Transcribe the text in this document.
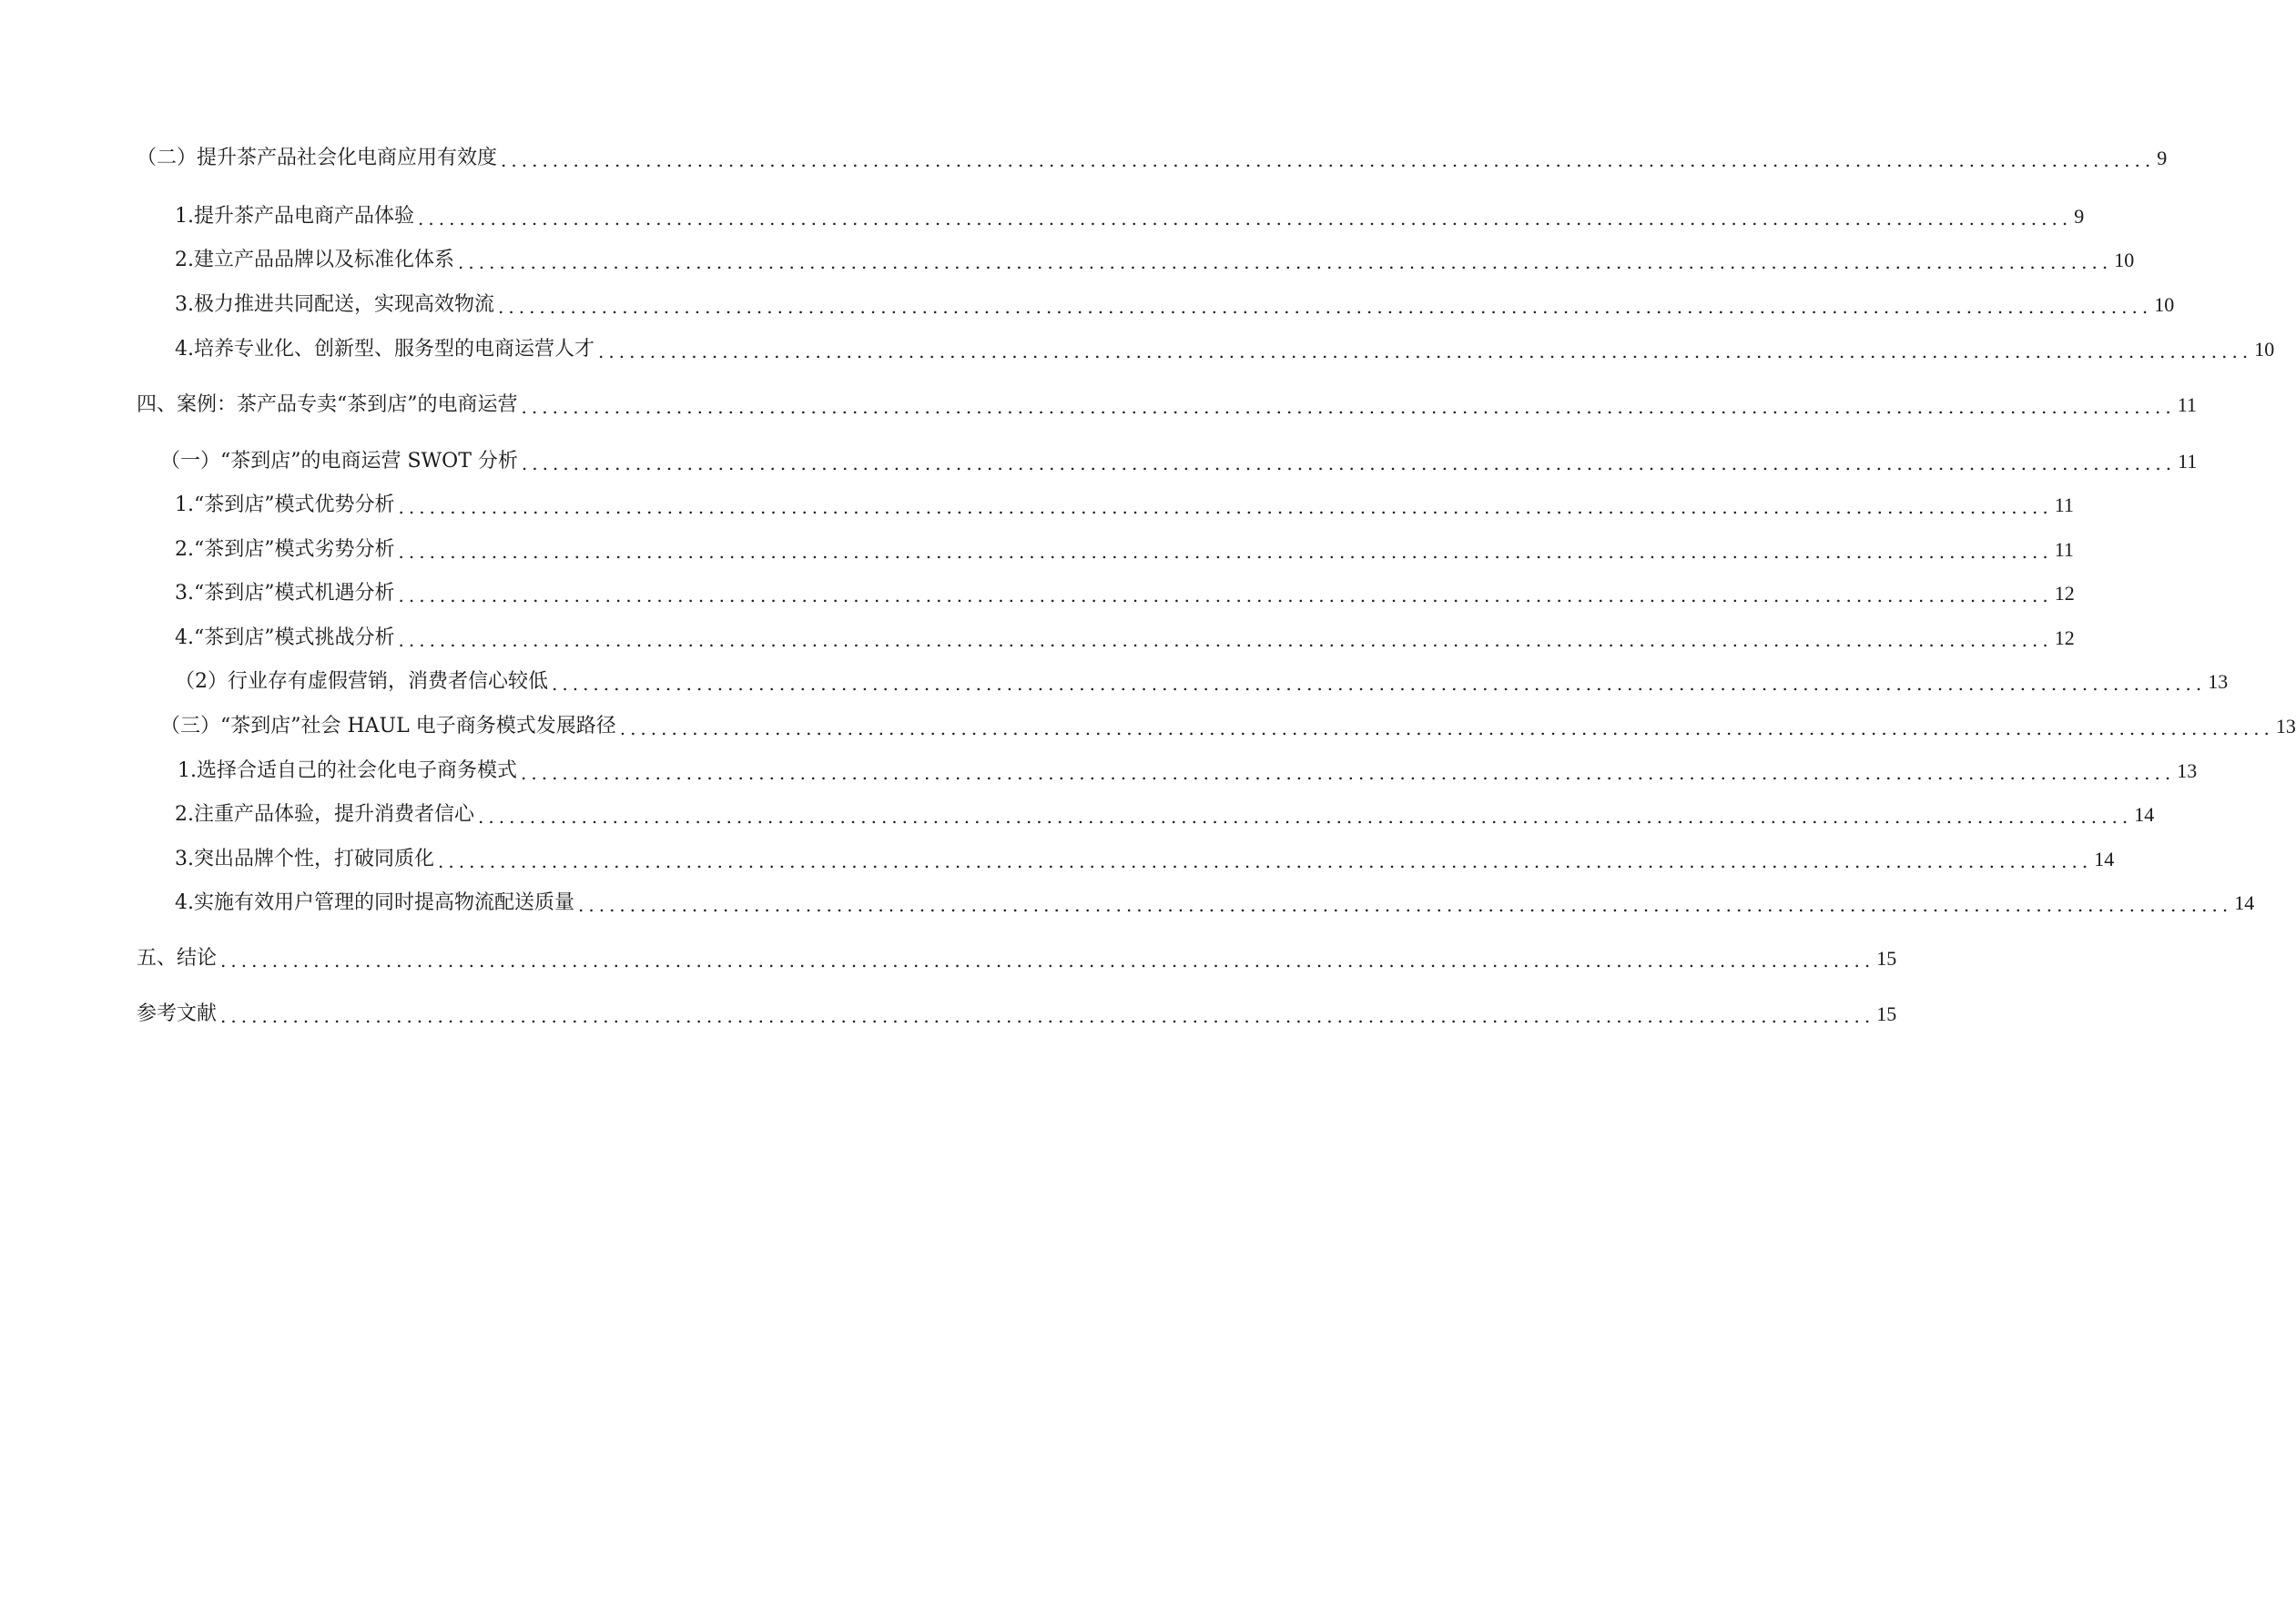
（二）提升茶产品社会化电商应用有效度 ................................................................................................................................................................ 9
1.提升茶产品电商产品体验 ................................................................................................................................................................ 9
2.建立产品品牌以及标准化体系 ................................................................................................................................................................ 10
3.极力推进共同配送，实现高效物流 ................................................................................................................................................................ 10
4.培养专业化、创新型、服务型的电商运营人才 ................................................................................................................................................................ 10
四、案例：茶产品专卖“茶到店”的电商运营 ................................................................................................................................................................ 11
（一）“茶到店”的电商运营 SWOT 分析 ................................................................................................................................................................ 11
1.“茶到店”模式优势分析 ................................................................................................................................................................ 11
2.“茶到店”模式劣势分析 ................................................................................................................................................................ 11
3.“茶到店”模式机遇分析 ................................................................................................................................................................ 12
4.“茶到店”模式挑战分析 ................................................................................................................................................................ 12
（2）行业存有虚假营销，消费者信心较低 ................................................................................................................................................................ 13
（三）“茶到店”社会 HAUL 电子商务模式发展路径 ................................................................................................................................................................ 13
1.选择合适自己的社会化电子商务模式 ................................................................................................................................................................ 13
2.注重产品体验，提升消费者信心 ................................................................................................................................................................ 14
3.突出品牌个性，打破同质化 ................................................................................................................................................................ 14
4.实施有效用户管理的同时提高物流配送质量 ................................................................................................................................................................ 14
五、结论 ................................................................................................................................................................ 15
参考文献 ................................................................................................................................................................ 15
